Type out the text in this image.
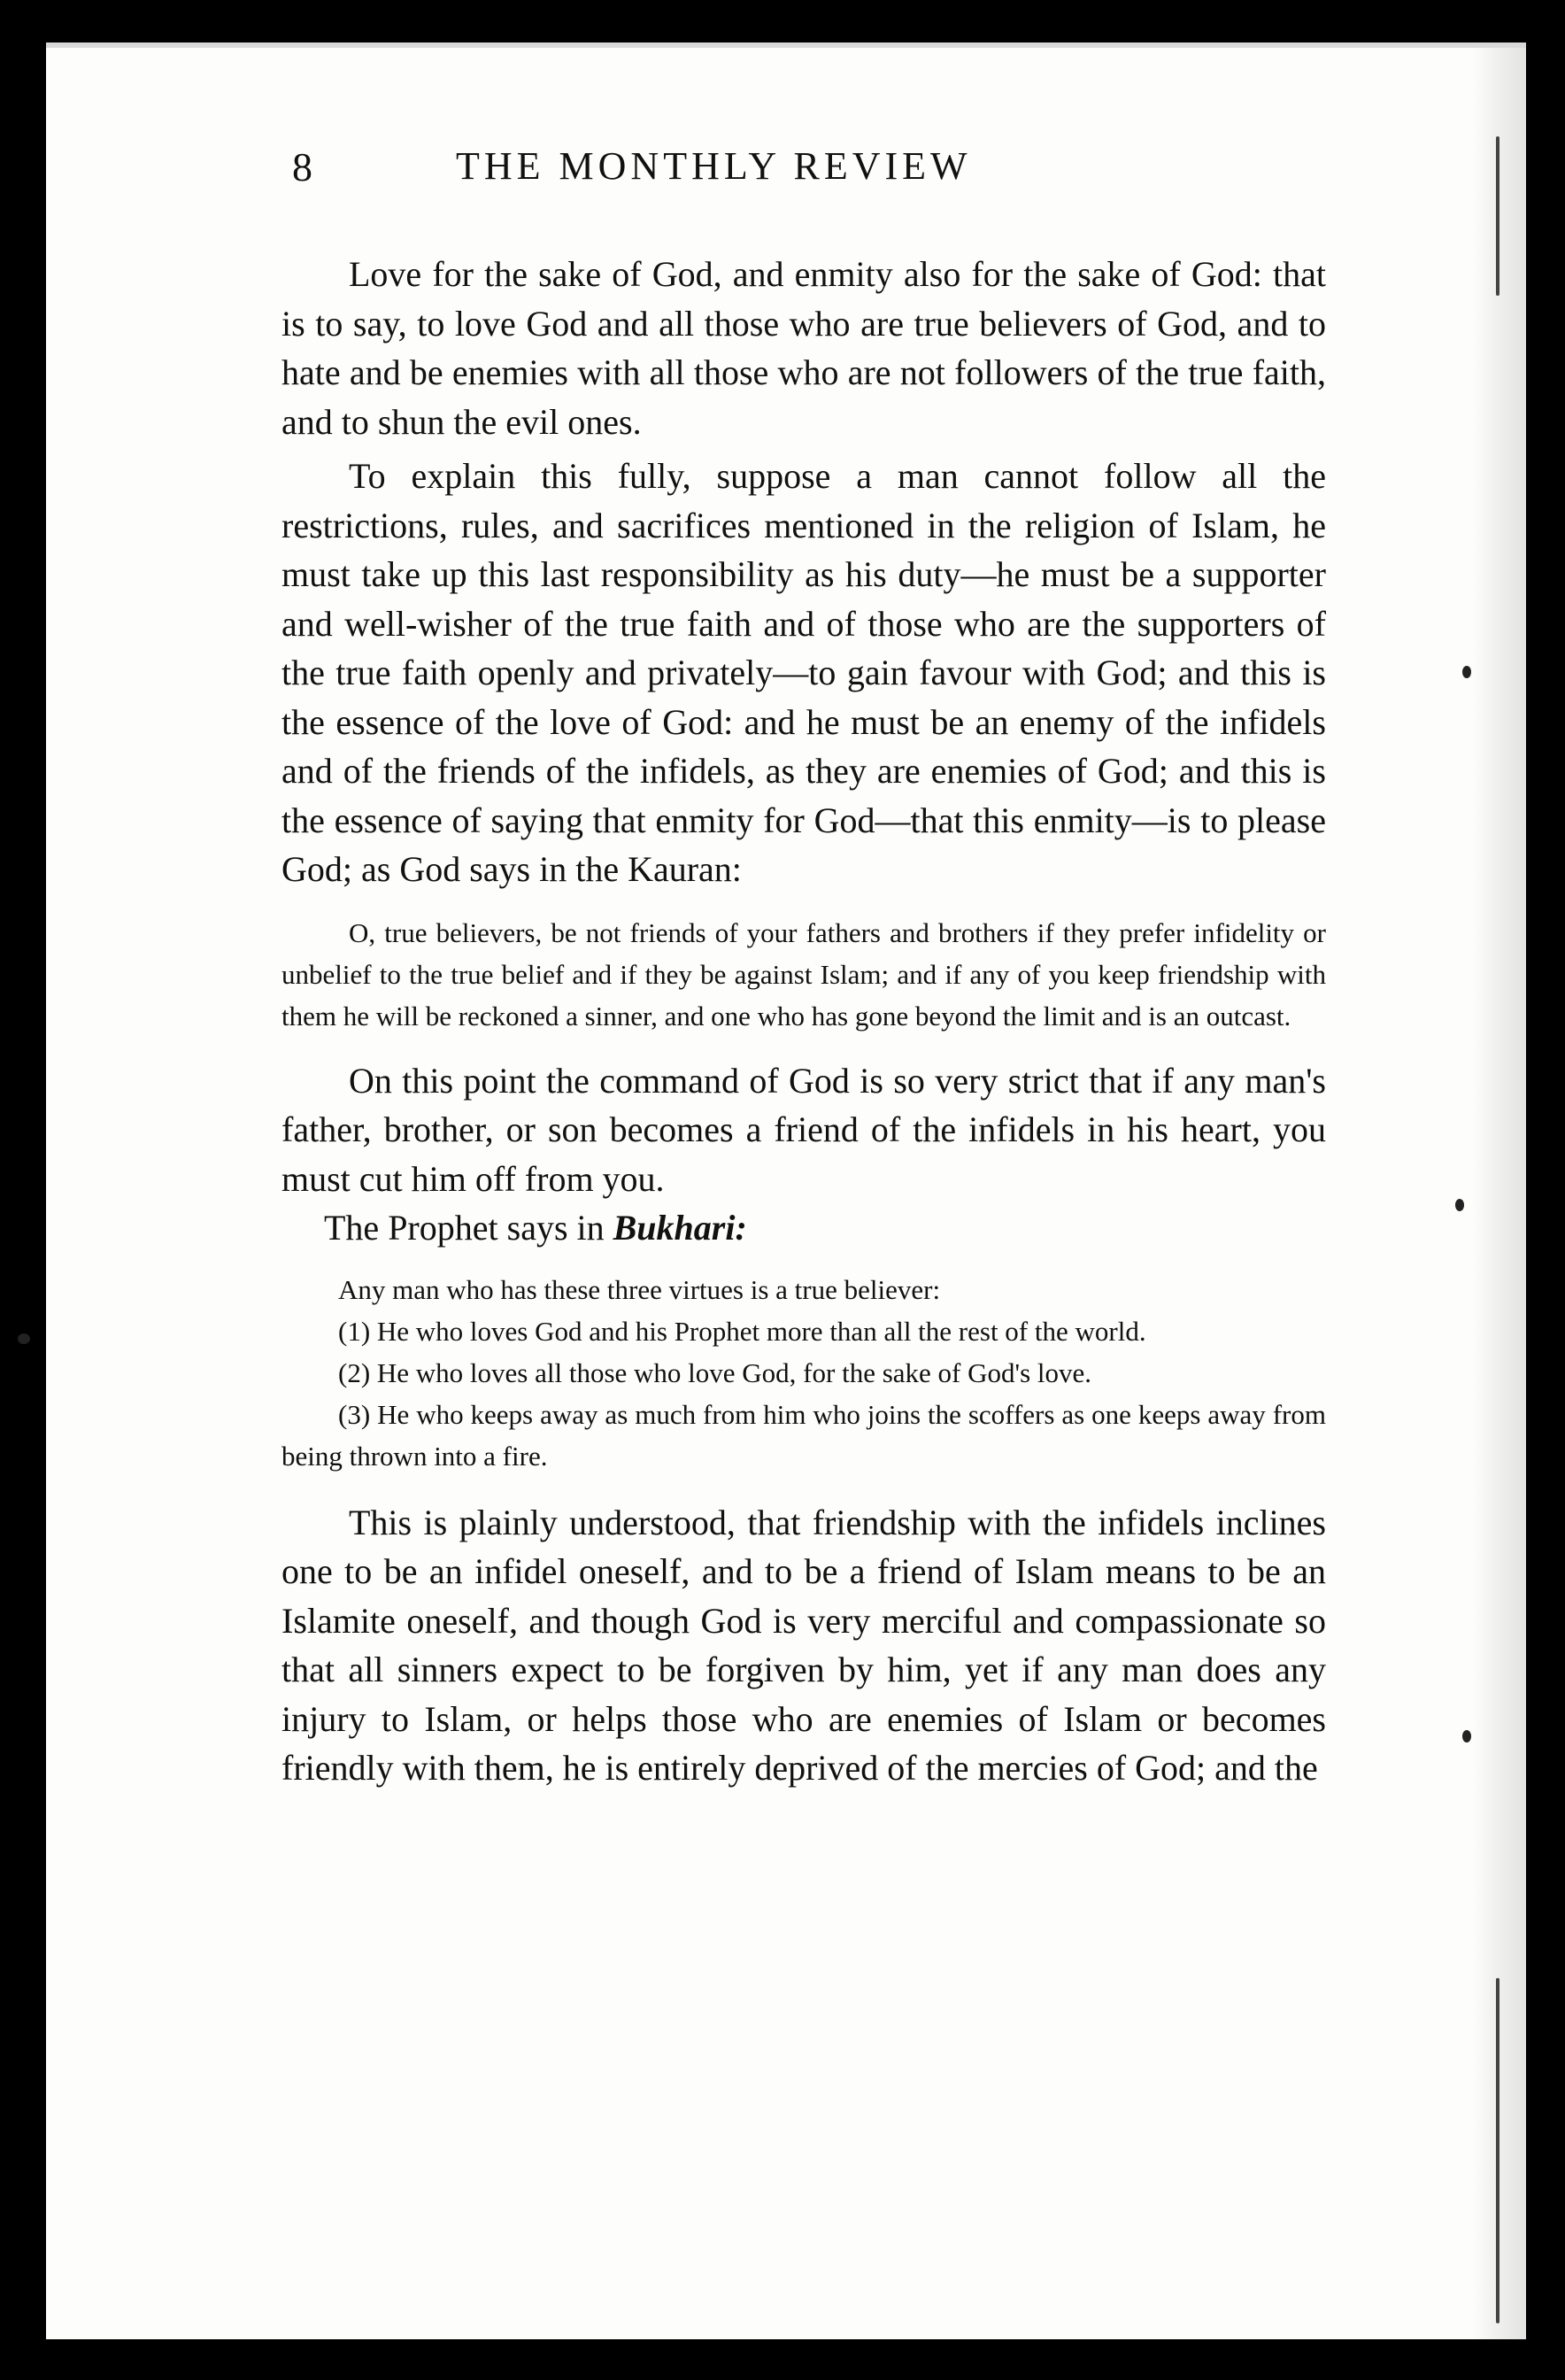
8	THE MONTHLY REVIEW

Love for the sake of God, and enmity also for the sake of God: that is to say, to love God and all those who are true believers of God, and to hate and be enemies with all those who are not followers of the true faith, and to shun the evil ones.

To explain this fully, suppose a man cannot follow all the restrictions, rules, and sacrifices mentioned in the religion of Islam, he must take up this last responsibility as his duty—he must be a supporter and well-wisher of the true faith and of those who are the supporters of the true faith openly and privately—to gain favour with God; and this is the essence of the love of God: and he must be an enemy of the infidels and of the friends of the infidels, as they are enemies of God; and this is the essence of saying that enmity for God—that this enmity—is to please God; as God says in the Kauran:

O, true believers, be not friends of your fathers and brothers if they prefer infidelity or unbelief to the true belief and if they be against Islam; and if any of you keep friendship with them he will be reckoned a sinner, and one who has gone beyond the limit and is an outcast.

On this point the command of God is so very strict that if any man's father, brother, or son becomes a friend of the infidels in his heart, you must cut him off from you.

The Prophet says in Bukhari:

Any man who has these three virtues is a true believer:

(1) He who loves God and his Prophet more than all the rest of the world.

(2) He who loves all those who love God, for the sake of God's love.

(3) He who keeps away as much from him who joins the scoffers as one keeps away from being thrown into a fire.

This is plainly understood, that friendship with the infidels inclines one to be an infidel oneself, and to be a friend of Islam means to be an Islamite oneself, and though God is very merciful and compassionate so that all sinners expect to be forgiven by him, yet if any man does any injury to Islam, or helps those who are enemies of Islam or becomes friendly with them, he is entirely deprived of the mercies of God; and the
